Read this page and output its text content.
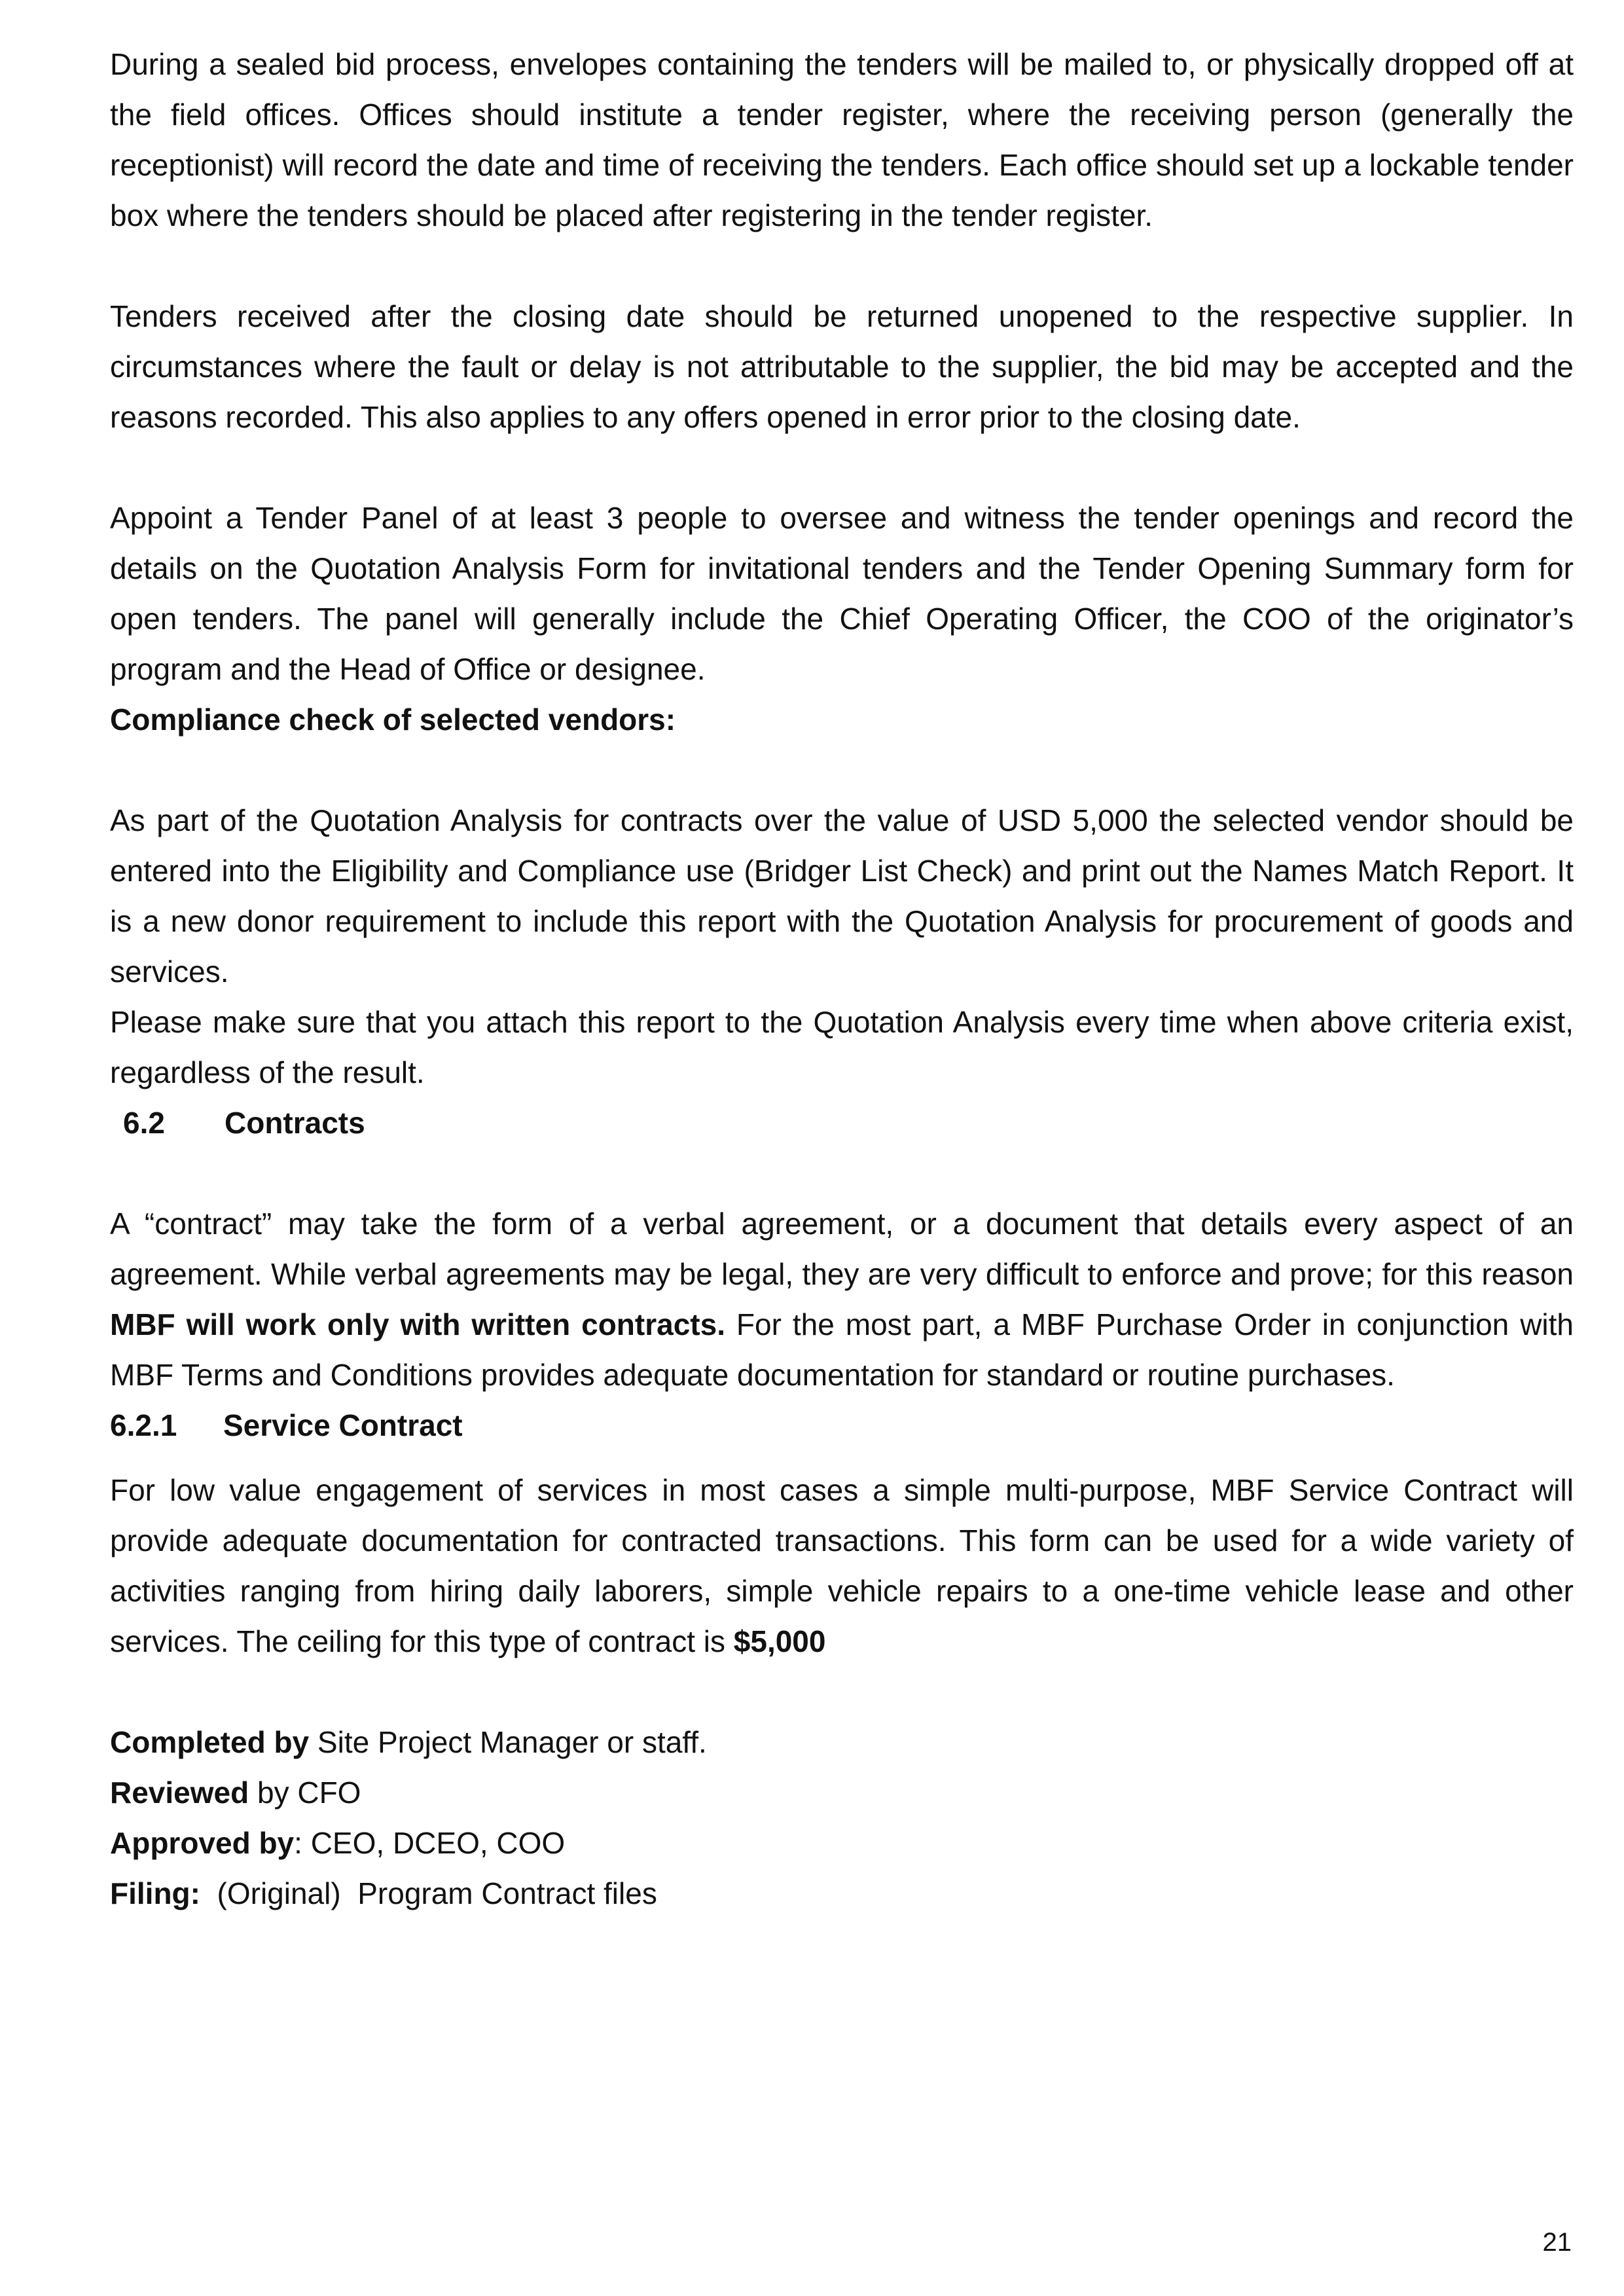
During a sealed bid process, envelopes containing the tenders will be mailed to, or physically dropped off at the field offices. Offices should institute a tender register, where the receiving person (generally the receptionist) will record the date and time of receiving the tenders. Each office should set up a lockable tender box where the tenders should be placed after registering in the tender register.

Tenders received after the closing date should be returned unopened to the respective supplier. In circumstances where the fault or delay is not attributable to the supplier, the bid may be accepted and the reasons recorded. This also applies to any offers opened in error prior to the closing date.

Appoint a Tender Panel of at least 3 people to oversee and witness the tender openings and record the details on the Quotation Analysis Form for invitational tenders and the Tender Opening Summary form for open tenders. The panel will generally include the Chief Operating Officer, the COO of the originator’s program and the Head of Office or designee.

Compliance check of selected vendors:

As part of the Quotation Analysis for contracts over the value of USD 5,000 the selected vendor should be entered into the Eligibility and Compliance use (Bridger List Check) and print out the Names Match Report. It is a new donor requirement to include this report with the Quotation Analysis for procurement of goods and services.

Please make sure that you attach this report to the Quotation Analysis every time when above criteria exist, regardless of the result.

6.2 Contracts

A “contract” may take the form of a verbal agreement, or a document that details every aspect of an agreement. While verbal agreements may be legal, they are very difficult to enforce and prove; for this reason MBF will work only with written contracts. For the most part, a MBF Purchase Order in conjunction with MBF Terms and Conditions provides adequate documentation for standard or routine purchases.

6.2.1 Service Contract

For low value engagement of services in most cases a simple multi-purpose, MBF Service Contract will provide adequate documentation for contracted transactions. This form can be used for a wide variety of activities ranging from hiring daily laborers, simple vehicle repairs to a one-time vehicle lease and other services. The ceiling for this type of contract is $5,000

Completed by Site Project Manager or staff.

Reviewed by CFO

Approved by: CEO, DCEO, COO

Filing:  (Original)  Program Contract files

21
